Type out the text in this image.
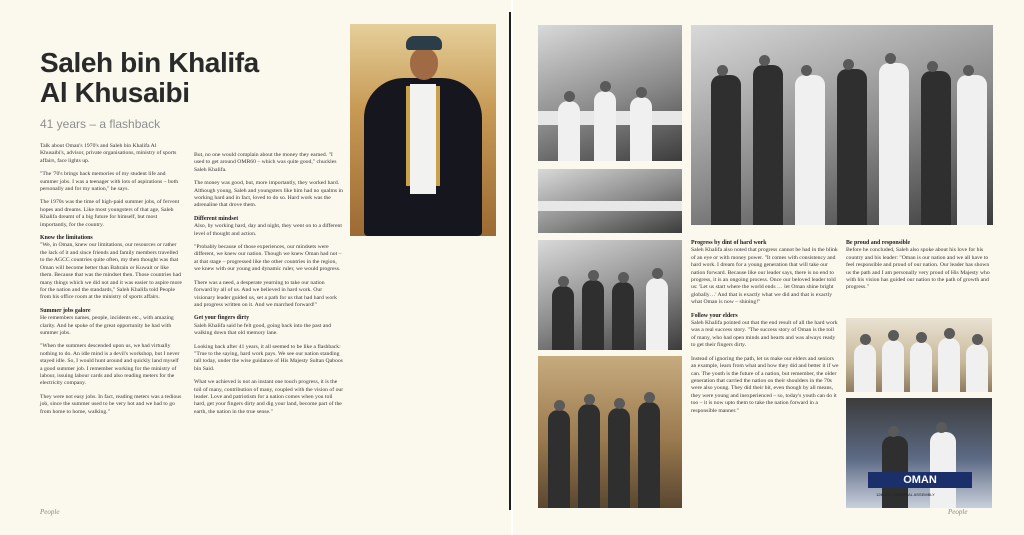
Saleh bin Khalifa
Al Khusaibi
41 years – a flashback

Talk about Oman's 1970's and Saleh bin Khalifa Al Khusaibi's, advisor, private organisations, ministry of sports affairs, face lights up.

"The '70's brings back memories of my student life and summer jobs. I was a teenager with lots of aspirations – both personally and for my nation," he says.

The 1970s was the time of high-paid summer jobs, of fervent hopes and dreams. Like most youngsters of that age, Saleh Khalifa dreamt of a big future for himself, but most importantly, for the country.

Know the limitations

"We, in Oman, knew our limitations, our resources or rather the lack of it and since friends and family members travelled to the AGCC countries quite often, my then thought was that Oman will become better than Bahrain or Kuwait or like them. Because that was the mindset then. Those countries had many things which we did not and it was easier to aspire more for the nation and the standards," Saleh Khalifa told People from his office room at the ministry of sports affairs.

Summer jobs galore

He remembers names, people, incidents etc., with amazing clarity. And he spoke of the great opportunity he had with summer jobs.

"When the summers descended upon us, we had virtually nothing to do. An idle mind is a devil's workshop, but I never stayed idle. So, I would hunt around and quickly land myself a good summer job. I remember working for the ministry of labour, issuing labour cards and also reading meters for the electricity company.

They were not easy jobs. In fact, reading meters was a tedious job, since the summer used to be very hot and we had to go from home to home, walking."

But, no one would complain about the money they earned. "I used to get around OMR60 – which was quite good," chuckles Saleh Khalifa.

The money was good, but, more importantly, they worked hard. Although young, Saleh and youngsters like him had no qualms in working hard and in fact, loved to do so. Hard work was the adrenaline that drove them.

Different mindset

Also, by working hard, day and night, they went on to a different level of thought and action.

"Probably because of those experiences, our mindsets were different, we knew our nation. Though we knew Oman had not – at that stage – progressed like the other countries in the region, we knew with our young and dynamic ruler, we would progress.

There was a need, a desperate yearning to take our nation forward by all of us. And we believed in hard work. Our visionary leader guided us, set a path for us that had hard work and progress written on it. And we marched forward!"

Get your fingers dirty

Saleh Khalifa said he felt good, going back into the past and walking down that old memory lane.

Looking back after 41 years, it all seemed to be like a flashback: "True to the saying, hard work pays. We see our nation standing tall today, under the wise guidance of His Majesty Sultan Qaboos bin Said.

What we achieved is not an instant one touch progress, it is the toil of many, contribution of many, coupled with the vision of our leader. Love and patriotism for a nation comes when you toil hard, get your fingers dirty and dig your land, become part of the earth, the nation in the true sense."

People
Progress by dint of hard work

Saleh Khalifa also noted that progress cannot be had in the blink of an eye or with money power. "It comes with consistency and hard work. I dream for a young generation that will take our nation forward. Because like our leader says, there is no end to progress, it is an ongoing process. Once our beloved leader told us: 'Let us start where the world ends … let Oman shine bright globally…' And that is exactly what we did and that is exactly what Oman is now – shining!"

Follow your elders

Saleh Khalifa pointed out that the end result of all the hard work was a real success story. "The success story of Oman is the toil of many, who had open minds and hearts and was always ready to get their fingers dirty.

Instead of ignoring the path, let us make our elders and seniors an example, learn from what and how they did and better it if we can. The youth is the future of a nation, but remember, the older generation that carried the nation on their shoulders in the 70s were also young. They did their bit, even though by all means, they were young and inexperienced – so, today's youth can do it too – it is now upto them to take the nation forward in a responsible manner."

Be proud and responsible

Before he concluded, Saleh also spoke about his love for his country and his leader: "Oman is our nation and we all have to feel responsible and proud of our nation. Our leader has shown us the path and I am personally very proud of His Majesty who with his vision has guided our nation to the path of growth and progress."

OMAN
12th AYC GENERAL ASSEMBLY
People
